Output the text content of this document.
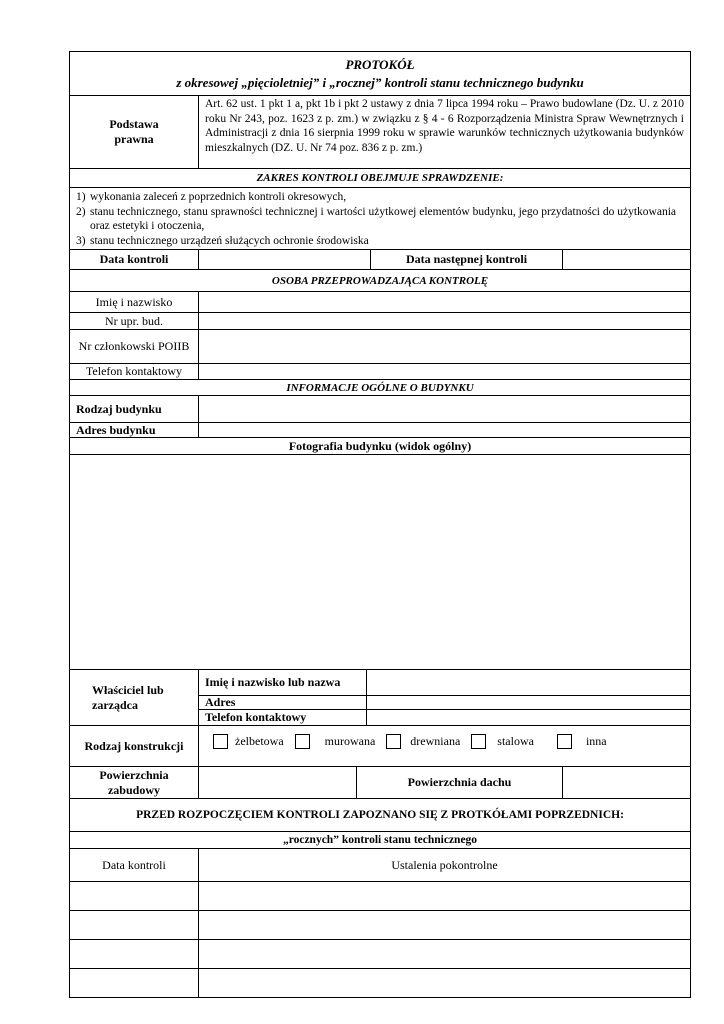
PROTOKÓŁ
z okresowej „pięcioletniej” i „rocznej” kontroli stanu technicznego budynku
Podstawa prawna
Art. 62 ust. 1 pkt 1 a, pkt 1b i pkt 2 ustawy z dnia 7 lipca 1994 roku – Prawo budowlane (Dz. U. z 2010 roku Nr 243, poz. 1623 z p. zm.) w związku z § 4 - 6 Rozporządzenia Ministra Spraw Wewnętrznych i Administracji z dnia 16 sierpnia 1999 roku w sprawie warunków technicznych użytkowania budynków mieszkalnych (DZ. U. Nr 74 poz. 836 z p. zm.)
ZAKRES KONTROLI OBEJMUJE SPRAWDZENIE:
1) wykonania zaleceń z poprzednich kontroli okresowych,
2) stanu technicznego, stanu sprawności technicznej i wartości użytkowej elementów budynku, jego przydatności do użytkowania oraz estetyki i otoczenia,
3) stanu technicznego urządzeń służących ochronie środowiska
Data kontroli	Data następnej kontroli
OSOBA PRZEPROWADZAJĄCA KONTROLĘ
Imię i nazwisko
Nr upr. bud.
Nr członkowski POIIB
Telefon kontaktowy
INFORMACJE OGÓLNE O BUDYNKU
Rodzaj budynku
Adres budynku
Fotografia budynku (widok ogólny)
Właściciel lub zarządca
Imię i nazwisko lub nazwa
Adres
Telefon kontaktowy
Rodzaj konstrukcji	żelbetowa	murowana	drewniana	stalowa	inna
Powierzchnia zabudowy
Powierzchnia dachu
PRZED ROZPOCZĘCIEM KONTROLI ZAPOZNANO SIĘ Z PROTKÓŁAMI POPRZEDNICH:
„rocznych” kontroli stanu technicznego
Data kontroli	Ustalenia pokontrolne
